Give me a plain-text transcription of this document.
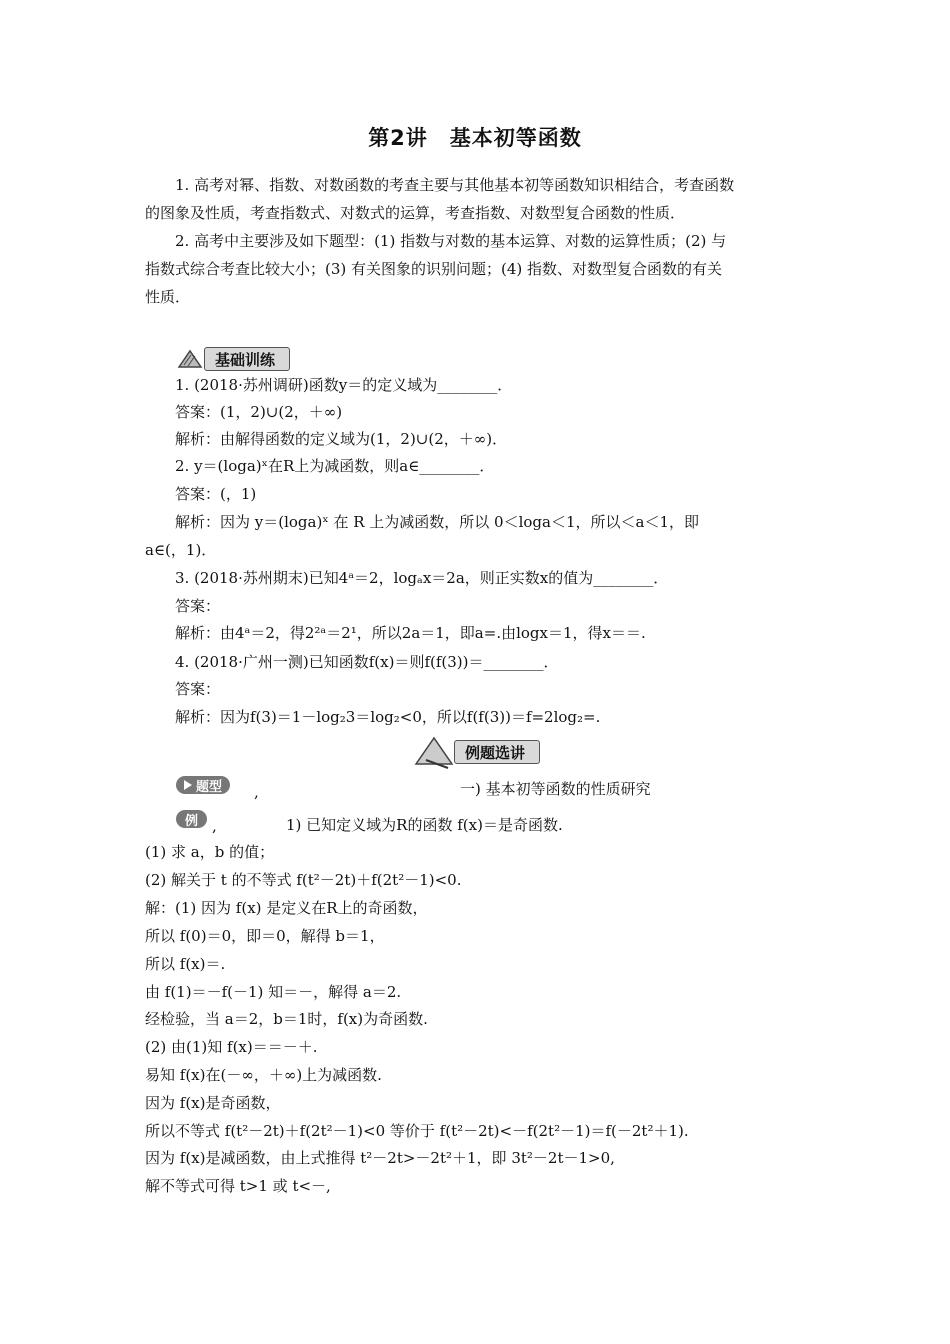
第2讲　基本初等函数
1. 高考对幂、指数、对数函数的考查主要与其他基本初等函数知识相结合，考查函数
的图象及性质，考查指数式、对数式的运算，考查指数、对数型复合函数的性质．
2. 高考中主要涉及如下题型：(1) 指数与对数的基本运算、对数的运算性质；(2) 与
指数式综合考查比较大小；(3) 有关图象的识别问题；(4) 指数、对数型复合函数的有关
性质．
基础训练
1. (2018·苏州调研)函数y＝的定义域为________．
答案：(1，2)∪(2，＋∞)
解析：由解得函数的定义域为(1，2)∪(2，＋∞)．
2. y＝(loga)ˣ在R上为减函数，则a∈________．
答案：(，1)
解析：因为 y＝(loga)ˣ 在 R 上为减函数，所以 0＜loga＜1，所以＜a＜1，即
a∈(，1)．
3. (2018·苏州期末)已知4ᵃ＝2，logₐx＝2a，则正实数x的值为________．
答案：
解析：由4ᵃ＝2，得2²ᵃ＝2¹，所以2a＝1，即a=.由logx＝1，得x＝＝.
4. (2018·广州一测)已知函数f(x)＝则f(f(3))＝________．
答案：
解析：因为f(3)＝1－log₂3＝log₂<0，所以f(f(3))＝f=2log₂=.
例题选讲
题型 ,	一) 基本初等函数的性质研究
例 ,	1) 已知定义域为R的函数 f(x)＝是奇函数.
(1) 求 a，b 的值；
(2) 解关于 t 的不等式 f(t²－2t)＋f(2t²－1)<0.
解：(1) 因为 f(x) 是定义在R上的奇函数，
所以 f(0)＝0，即＝0，解得 b＝1，
所以 f(x)＝.
由 f(1)＝－f(－1) 知＝－，解得 a＝2.
经检验，当 a＝2，b＝1时，f(x)为奇函数.
(2) 由(1)知 f(x)＝＝－＋.
易知 f(x)在(－∞，＋∞)上为减函数.
因为 f(x)是奇函数，
所以不等式 f(t²－2t)＋f(2t²－1)<0 等价于 f(t²－2t)<－f(2t²－1)＝f(－2t²＋1).
因为 f(x)是减函数，由上式推得 t²－2t>－2t²＋1，即 3t²－2t－1>0,
解不等式可得 t>1 或 t<－,
